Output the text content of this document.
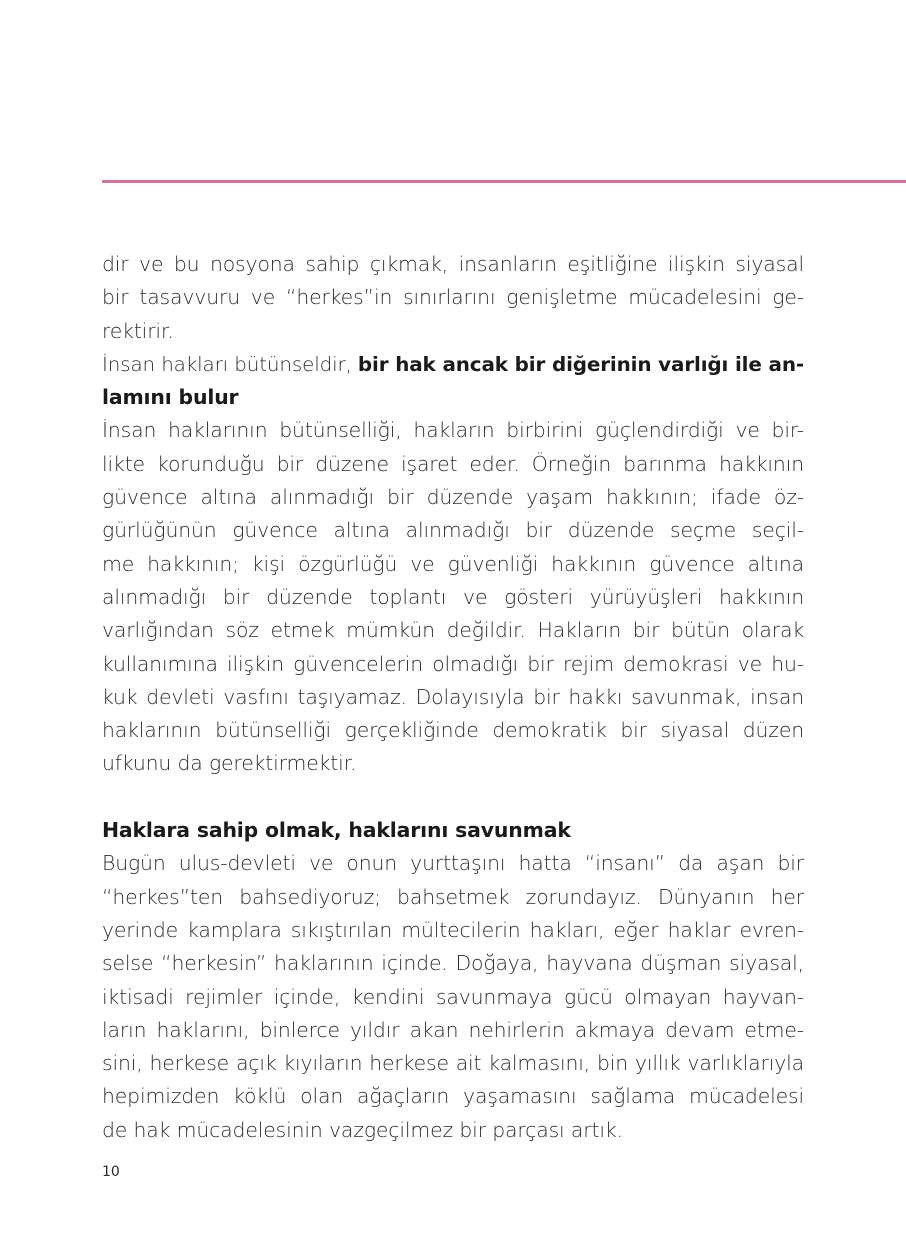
dir ve bu nosyona sahip çıkmak, insanların eşitliğine ilişkin siyasal
bir tasavvuru ve “herkes”in sınırlarını genişletme mücadelesini ge-
rektirir.
İnsan hakları bütünseldir, bir hak ancak bir diğerinin varlığı ile an-
lamını bulur
İnsan haklarının bütünselliği, hakların birbirini güçlendirdiği ve bir-
likte korunduğu bir düzene işaret eder. Örneğin barınma hakkının
güvence altına alınmadığı bir düzende yaşam hakkının; ifade öz-
gürlüğünün güvence altına alınmadığı bir düzende seçme seçil-
me hakkının; kişi özgürlüğü ve güvenliği hakkının güvence altına
alınmadığı bir düzende toplantı ve gösteri yürüyüşleri hakkının
varlığından söz etmek mümkün değildir. Hakların bir bütün olarak
kullanımına ilişkin güvencelerin olmadığı bir rejim demokrasi ve hu-
kuk devleti vasfını taşıyamaz. Dolayısıyla bir hakkı savunmak, insan
haklarının bütünselliği gerçekliğinde demokratik bir siyasal düzen
ufkunu da gerektirmektir.
Haklara sahip olmak, haklarını savunmak
Bugün ulus-devleti ve onun yurttaşını hatta “insanı” da aşan bir
“herkes”ten bahsediyoruz; bahsetmek zorundayız. Dünyanın her
yerinde kamplara sıkıştırılan mültecilerin hakları, eğer haklar evren-
selse “herkesin” haklarının içinde. Doğaya, hayvana düşman siyasal,
iktisadi rejimler içinde, kendini savunmaya gücü olmayan hayvan-
ların haklarını, binlerce yıldır akan nehirlerin akmaya devam etme-
sini, herkese açık kıyıların herkese ait kalmasını, bin yıllık varlıklarıyla
hepimizden köklü olan ağaçların yaşamasını sağlama mücadelesi
de hak mücadelesinin vazgeçilmez bir parçası artık.
10
